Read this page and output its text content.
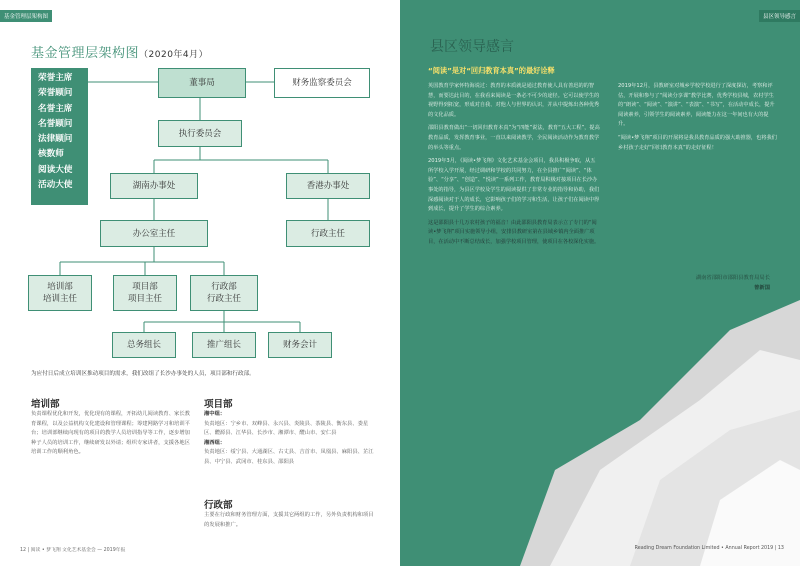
基金管理层架构图
基金管理层架构图（2020年4月）
荣誉主席
荣誉顾问
名誉主席
名誉顾问
法律顾问
核数师
阅读大使
活动大使
董事局	财务监察委员会
执行委员会
湖南办事处	香港办事处
办公室主任	行政主任
培训部
培训主任
项目部
项目主任
行政部
行政主任
总务组长	推广组长	财务会计
为应付日后成立培训区推动项目的需求，我们改组了长沙办事处的人员，项目部和行政部。
培训部
负责课程优化和开发，优化现有的课程，开拓幼儿阅读教育、家长教育课程，以及公益机构文化建设和管理课程；筹建网路学习和培训平台；培训部继续向现有的项目的教学人员培训指导等工作，逐步增加种子人员的培训工作，继续研发以外请；组织专家讲者，支援各地区培训工作的顺利角色。
项目部
湘中组：
负责地区：宁乡市、双峰县、永兴县、炎陵县、茶陵县、衡东县、娄星区、醴源县、江华县、长沙市、湘潭市、醴山市、安仁县
湘西组：
负责地区：绥宁县、大通湖区、古丈县、吉首市、凤凰县、麻阳县、芷江县、中宁县、武冈市、桂东县、邵阳县
行政部
主要在行政和财务管理方面，支援其它两组的工作，另外负责机构和项目的发展和推广。
12 | 阅读 • 梦飞翔 文化艺术基金会 — 2019年报
县区领导感言
县区领导感言
“阅读”是对“回归教育本真”的最好诠释

英国教育学家怀特海说过：教育的本质就是通过教育使人具有善迅的的智慧，而要达此目的，在我看来阅读是一条必不可少的途径。它可以使学生的视野得到拓宽，形成对自我、对他人与世界的认识，并从中提炼出各种优秀的文化品质。

邵阳县教育做出“一切回归教育本真”为“四能”说法，教育“五大工程”，提高教育品质，发挥教育事业，一直以来阅读教学，全民阅读活动作为教育教学的举头等重点。

2019年3月，《阅读•梦飞翔》文化艺术基金会项目，我县积极争取，从五所学校入学开展，经过调研和学校的共同努力，在全县推广“阅读”、“体验”、“分享”、“创造”、“悦读”一系列工作，教育局积极对接项目在长沙办事处的指导，为县区学校及学生的阅读提供了非常专业的指导和协助，我们深感阅读对于人的成长，它影响孩子们的学习和生活，让孩子们在阅读中得到成长，提升了学生的综合素养。

这是邵阳县十几万农村孩子的福音！由此邵阳县教育局表示立了专门的“阅读•梦飞翔”项目实施领导小组，安排县教研室第在县域乡镇内全面推广项目，在活动中不断总结成长，加强学校项目管理，使项目在各校深化实施。

2019年12月，县教研室对城乡学校学校进行了深度探访，考察和评估，开展和参与了“阅读分享课”教学比赛，优秀学校县城，农村学生的“朗读”、“阅读”、“演讲”、“表演”、“书写”，在活动中成长，提升阅读素养，引领学生的阅读素养，阅读能力在这一年间也有大的提升。

“阅读•梦飞翔”项目的开展将是我县教育品质的强大助推器，也将我们乡村孩子走好“回归教育本真”的走好征程！

湖南省邵阳市邵阳县教育局局长
曾新国
Reading Dream Foundation Limited • Annual Report 2019 | 13
